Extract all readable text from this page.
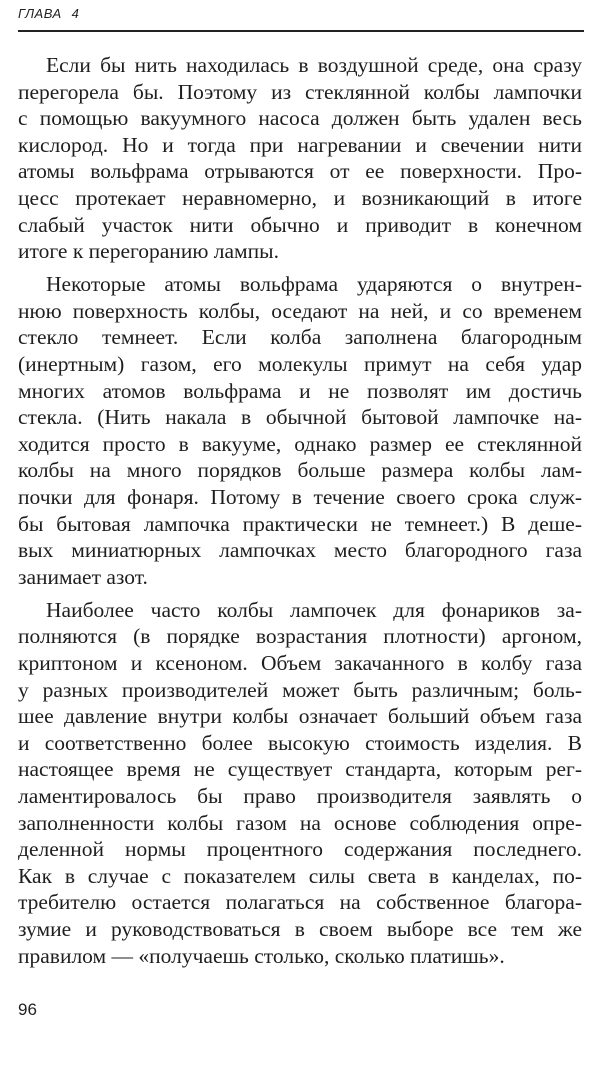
ГЛАВА 4
Если бы нить находилась в воздушной среде, она сразу
перегорела бы. Поэтому из стеклянной колбы лампочки
с помощью вакуумного насоса должен быть удален весь
кислород. Но и тогда при нагревании и свечении нити
атомы вольфрама отрываются от ее поверхности. Про-
цесс протекает неравномерно, и возникающий в итоге
слабый участок нити обычно и приводит в конечном
итоге к перегоранию лампы.
Некоторые атомы вольфрама ударяются о внутрен-
нюю поверхность колбы, оседают на ней, и со временем
стекло темнеет. Если колба заполнена благородным
(инертным) газом, его молекулы примут на себя удар
многих атомов вольфрама и не позволят им достичь
стекла. (Нить накала в обычной бытовой лампочке на-
ходится просто в вакууме, однако размер ее стеклянной
колбы на много порядков больше размера колбы лам-
почки для фонаря. Потому в течение своего срока служ-
бы бытовая лампочка практически не темнеет.) В дешe-
вых миниатюрных лампочках место благородного газа
занимает азот.
Наиболее часто колбы лампочек для фонариков за-
полняются (в порядке возрастания плотности) аргоном,
криптоном и ксеноном. Объем закачанного в колбу газа
у разных производителей может быть различным; боль-
шее давление внутри колбы означает больший объем газа
и соответственно более высокую стоимость изделия. В
настоящее время не существует стандарта, которым рег-
ламентировалось бы право производителя заявлять о
заполненности колбы газом на основе соблюдения опре-
деленной нормы процентного содержания последнего.
Как в случае с показателем силы света в канделах, по-
требителю остается полагаться на собственное благора-
зумие и руководствоваться в своем выборе все тем же
правилом — «получаешь столько, сколько платишь».
96
